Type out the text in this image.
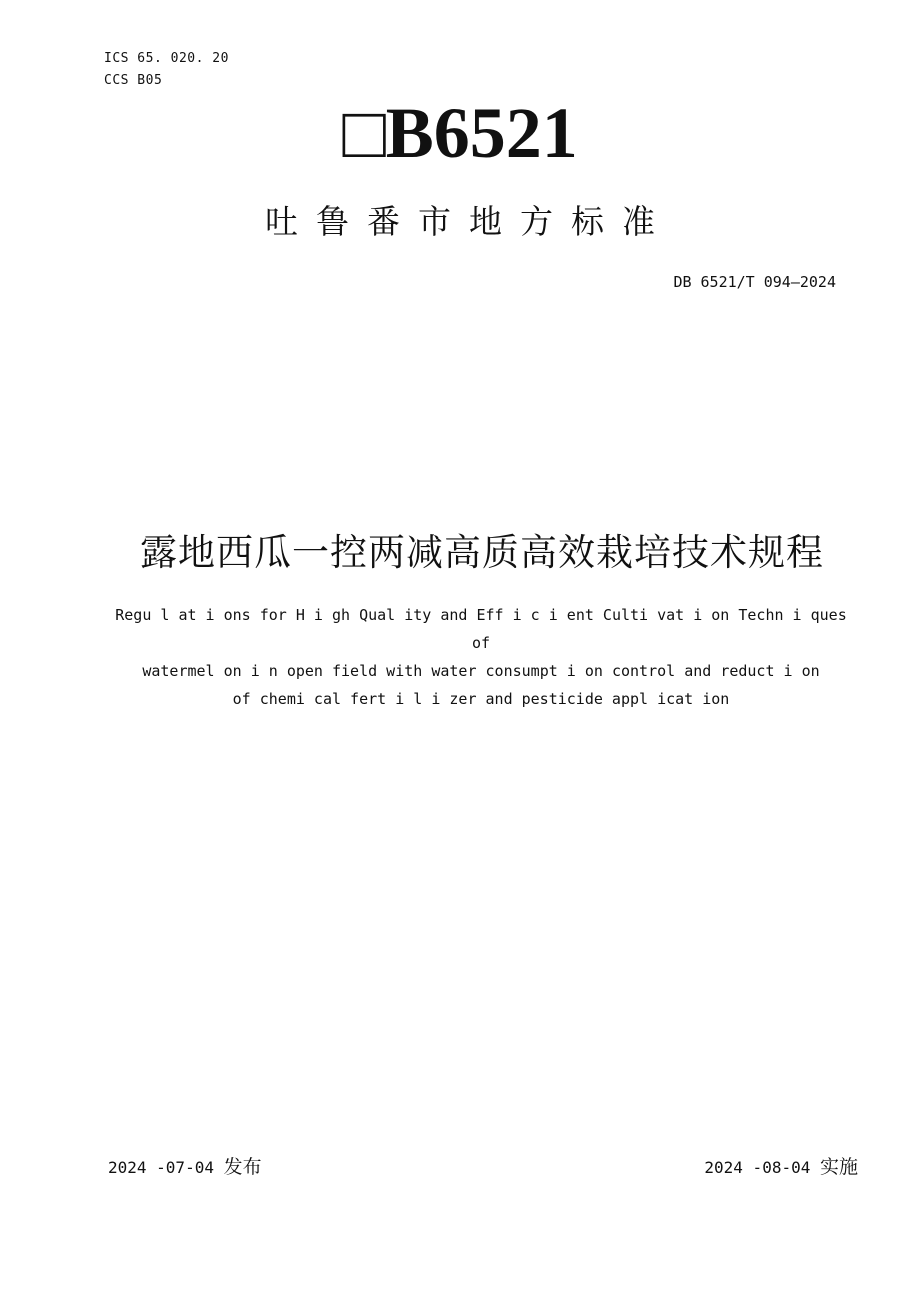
ICS 65. 020. 20
CCS B05
□B6521
吐鲁番市地方标准
DB 6521/T 094—2024
露地西瓜一控两减高质高效栽培技术规程
Regu l at i ons for H i gh Qual ity and Eff i c i ent Culti vat i on Techn i ques
of
watermel on i n open field with water consumpt i on control and reduct i on
of chemi cal fert i l i zer and pesticide appl icat ion
2024 -07-04 发布	2024 -08-04 实施
